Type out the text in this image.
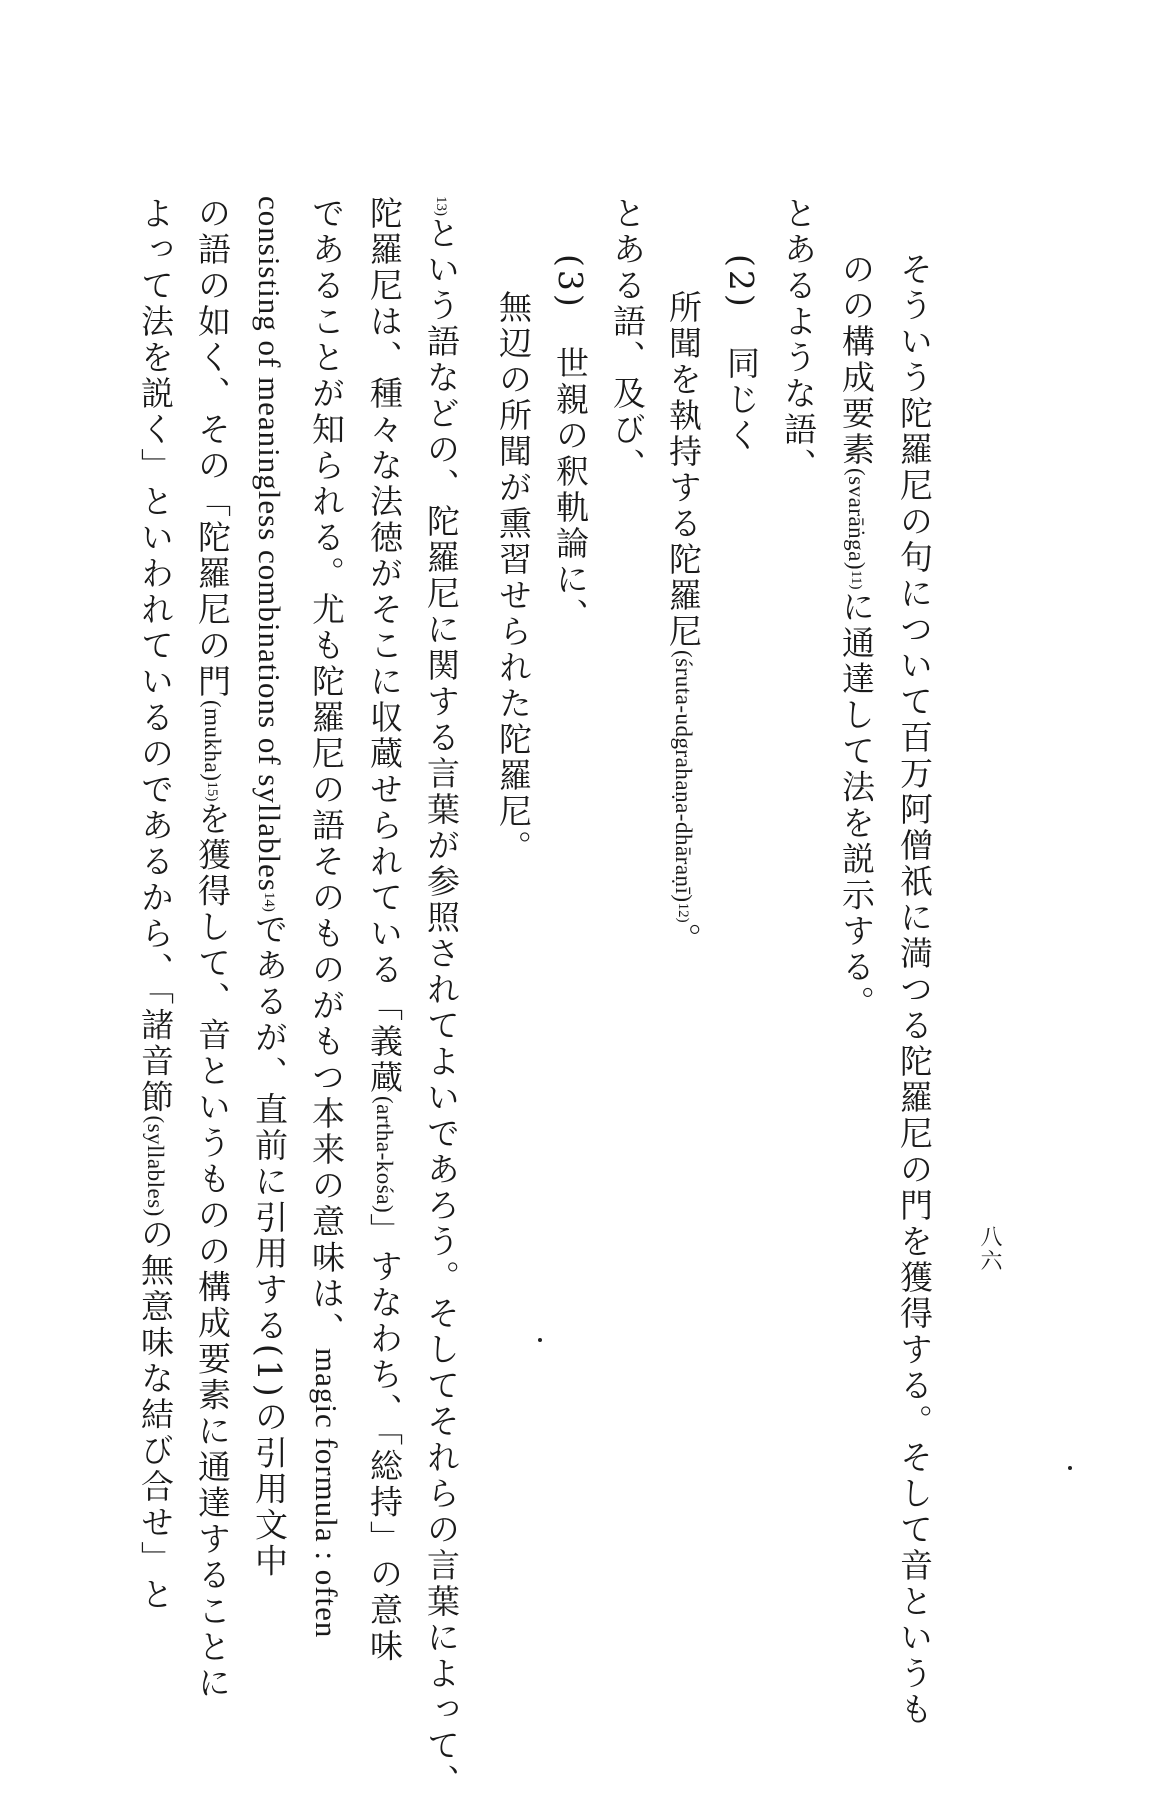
八六
そういう陀羅尼の句について百万阿僧祇に満つる陀羅尼の門を獲得する。そして音というも
のの構成要素(svarāṅga)11)に通達して法を説示する。
とあるような語、
(2)　同じく
所聞を執持する陀羅尼(śruta-udgrahaṇa-dhāraṇī)12)。
とある語、及び、
(3)　世親の釈軌論に、
無辺の所聞が熏習せられた陀羅尼。
13)という語などの、陀羅尼に関する言葉が参照されてよいであろう。そしてそれらの言葉によって、
陀羅尼は、種々な法徳がそこに収蔵せられている「義蔵(artha-kośa)」すなわち、「総持」の意味
であることが知られる。尤も陀羅尼の語そのものがもつ本来の意味は、magic formula : often
consisting of meaningless combinations of syllables14)であるが、直前に引用する(1)の引用文中
の語の如く、その「陀羅尼の門(mukha)15)を獲得して、音というものの構成要素に通達することに
よって法を説く」といわれているのであるから、「諸音節(syllables)の無意味な結び合せ」と
